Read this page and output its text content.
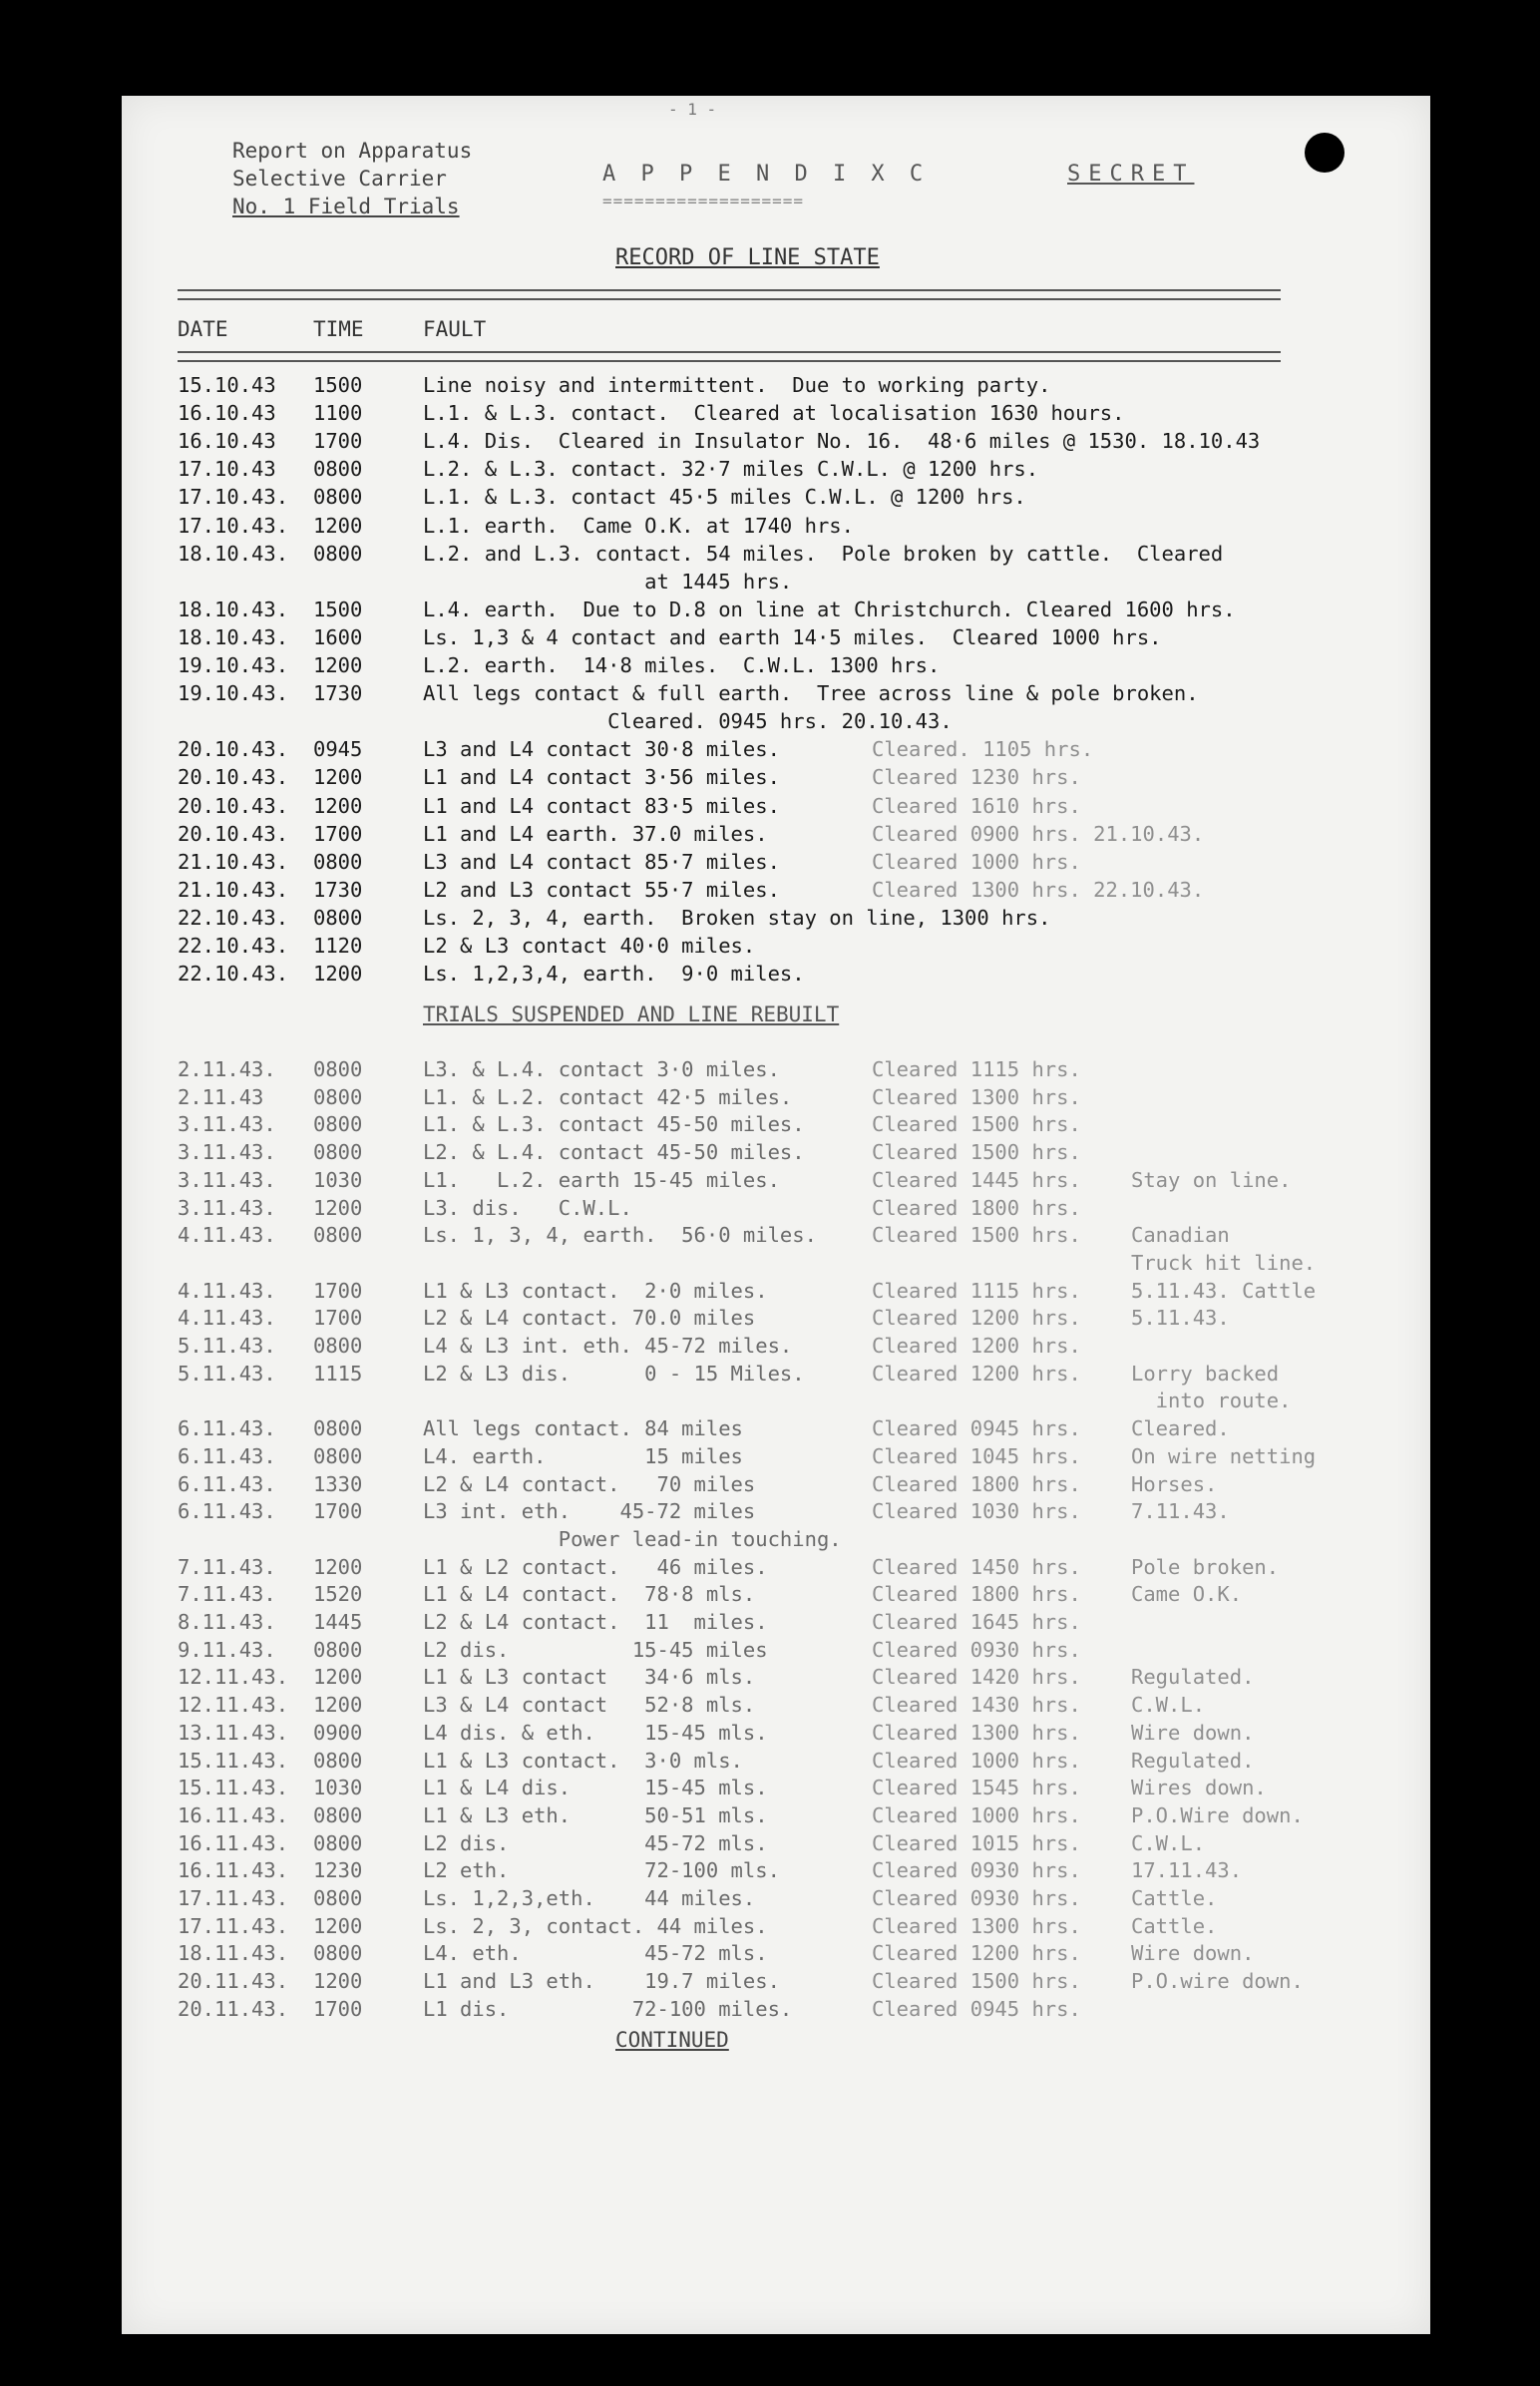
- 1 -
Report on Apparatus
Selective Carrier
No. 1 Field Trials
A P P E N D I X C
===================
SECRET
RECORD OF LINE STATE
DATE	TIME	FAULT
15.10.43 1500	Line noisy and intermittent.  Due to working party.
16.10.43 1100	L.1. & L.3. contact.  Cleared at localisation 1630 hours.
16.10.43 1700	L.4. Dis.  Cleared in Insulator No. 16.  48·6 miles @ 1530. 18.10.43
17.10.43 0800	L.2. & L.3. contact. 32·7 miles C.W.L. @ 1200 hrs.
17.10.43. 0800	L.1. & L.3. contact 45·5 miles C.W.L. @ 1200 hrs.
17.10.43. 1200	L.1. earth.  Came O.K. at 1740 hrs.
18.10.43. 0800	L.2. and L.3. contact. 54 miles.  Pole broken by cattle.  Cleared
at 1445 hrs.
18.10.43. 1500	L.4. earth.  Due to D.8 on line at Christchurch. Cleared 1600 hrs.
18.10.43. 1600	Ls. 1,3 & 4 contact and earth 14·5 miles.  Cleared 1000 hrs.
19.10.43. 1200	L.2. earth.  14·8 miles.  C.W.L. 1300 hrs.
19.10.43. 1730	All legs contact & full earth.  Tree across line & pole broken.
Cleared. 0945 hrs. 20.10.43.
20.10.43. 0945	L3 and L4 contact 30·8 miles.	Cleared. 1105 hrs.
20.10.43. 1200	L1 and L4 contact 3·56 miles.	Cleared 1230 hrs.
20.10.43. 1200	L1 and L4 contact 83·5 miles.	Cleared 1610 hrs.
20.10.43. 1700	L1 and L4 earth. 37.0 miles.	Cleared 0900 hrs. 21.10.43.
21.10.43. 0800	L3 and L4 contact 85·7 miles.	Cleared 1000 hrs.
21.10.43. 1730	L2 and L3 contact 55·7 miles.	Cleared 1300 hrs. 22.10.43.
22.10.43. 0800	Ls. 2, 3, 4, earth.  Broken stay on line, 1300 hrs.
22.10.43. 1120	L2 & L3 contact 40·0 miles.
22.10.43. 1200	Ls. 1,2,3,4, earth.  9·0 miles.
TRIALS SUSPENDED AND LINE REBUILT
2.11.43. 0800	L3. & L.4. contact 3·0 miles.	Cleared 1115 hrs.
2.11.43 0800	L1. & L.2. contact 42·5 miles.	Cleared 1300 hrs.
3.11.43. 0800	L1. & L.3. contact 45-50 miles.	Cleared 1500 hrs.
3.11.43. 0800	L2. & L.4. contact 45-50 miles.	Cleared 1500 hrs.
3.11.43. 1030	L1.   L.2. earth 15-45 miles.	Cleared 1445 hrs. Stay on line.
3.11.43. 1200	L3. dis.   C.W.L.	Cleared 1800 hrs.
4.11.43. 0800	Ls. 1, 3, 4, earth.  56·0 miles.	Cleared 1500 hrs. Canadian
Truck hit line.
4.11.43. 1700	L1 & L3 contact.  2·0 miles.	Cleared 1115 hrs. 5.11.43. Cattle
4.11.43. 1700	L2 & L4 contact. 70.0 miles	Cleared 1200 hrs. 5.11.43.
5.11.43. 0800	L4 & L3 int. eth. 45-72 miles.	Cleared 1200 hrs.
5.11.43. 1115	L2 & L3 dis.      0 - 15 Miles.	Cleared 1200 hrs. Lorry backed
into route.
6.11.43. 0800	All legs contact. 84 miles	Cleared 0945 hrs. Cleared.
6.11.43. 0800	L4. earth.        15 miles	Cleared 1045 hrs. On wire netting
6.11.43. 1330	L2 & L4 contact.   70 miles	Cleared 1800 hrs. Horses.
6.11.43. 1700	L3 int. eth.    45-72 miles	Cleared 1030 hrs. 7.11.43.
Power lead-in touching.
7.11.43. 1200	L1 & L2 contact.   46 miles.	Cleared 1450 hrs. Pole broken.
7.11.43. 1520	L1 & L4 contact.  78·8 mls.	Cleared 1800 hrs. Came O.K.
8.11.43. 1445	L2 & L4 contact.  11  miles.	Cleared 1645 hrs.
9.11.43. 0800	L2 dis.          15-45 miles	Cleared 0930 hrs.
12.11.43. 1200	L1 & L3 contact   34·6 mls.	Cleared 1420 hrs. Regulated.
12.11.43. 1200	L3 & L4 contact   52·8 mls.	Cleared 1430 hrs. C.W.L.
13.11.43. 0900	L4 dis. & eth.    15-45 mls.	Cleared 1300 hrs. Wire down.
15.11.43. 0800	L1 & L3 contact.  3·0 mls.	Cleared 1000 hrs. Regulated.
15.11.43. 1030	L1 & L4 dis.      15-45 mls.	Cleared 1545 hrs. Wires down.
16.11.43. 0800	L1 & L3 eth.      50-51 mls.	Cleared 1000 hrs. P.O.Wire down.
16.11.43. 0800	L2 dis.           45-72 mls.	Cleared 1015 hrs. C.W.L.
16.11.43. 1230	L2 eth.           72-100 mls.	Cleared 0930 hrs. 17.11.43.
17.11.43. 0800	Ls. 1,2,3,eth.    44 miles.	Cleared 0930 hrs. Cattle.
17.11.43. 1200	Ls. 2, 3, contact. 44 miles.	Cleared 1300 hrs. Cattle.
18.11.43. 0800	L4. eth.          45-72 mls.	Cleared 1200 hrs. Wire down.
20.11.43. 1200	L1 and L3 eth.    19.7 miles.	Cleared 1500 hrs. P.O.wire down.
20.11.43. 1700	L1 dis.          72-100 miles.	Cleared 0945 hrs.
CONTINUED
